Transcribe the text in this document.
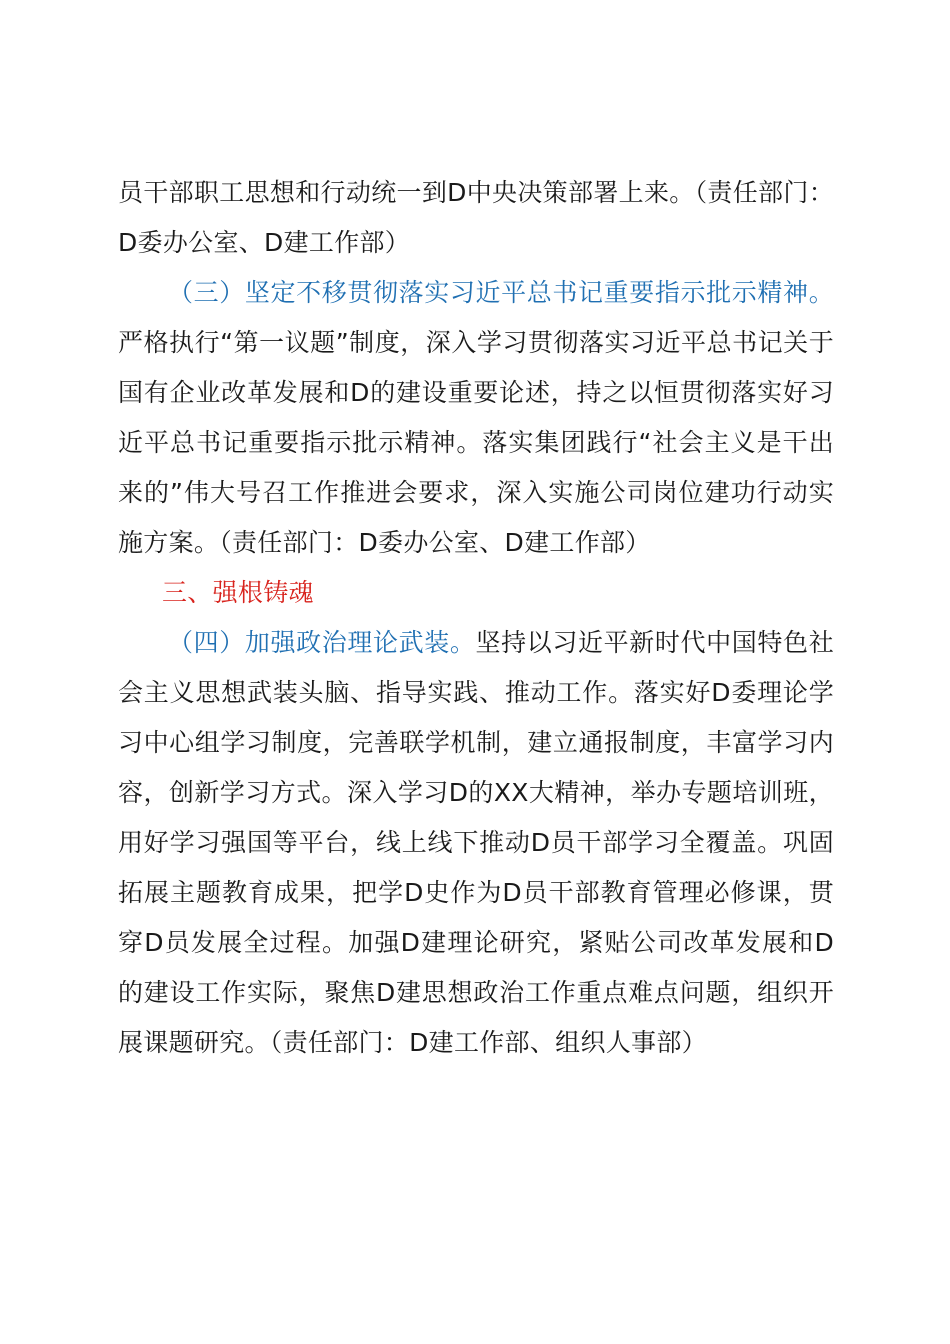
员干部职工思想和行动统一到D中央决策部署上来。（责任部门：D委办公室、D建工作部）

（三）坚定不移贯彻落实习近平总书记重要指示批示精神。严格执行“第一议题”制度，深入学习贯彻落实习近平总书记关于国有企业改革发展和D的建设重要论述，持之以恒贯彻落实好习近平总书记重要指示批示精神。落实集团践行“社会主义是干出来的”伟大号召工作推进会要求，深入实施公司岗位建功行动实施方案。（责任部门：D委办公室、D建工作部）

三、强根铸魂

（四）加强政治理论武装。坚持以习近平新时代中国特色社会主义思想武装头脑、指导实践、推动工作。落实好D委理论学习中心组学习制度，完善联学机制，建立通报制度，丰富学习内容，创新学习方式。深入学习D的XX大精神，举办专题培训班，用好学习强国等平台，线上线下推动D员干部学习全覆盖。巩固拓展主题教育成果，把学D史作为D员干部教育管理必修课，贯穿D员发展全过程。加强D建理论研究，紧贴公司改革发展和D的建设工作实际，聚焦D建思想政治工作重点难点问题，组织开展课题研究。（责任部门：D建工作部、组织人事部）
